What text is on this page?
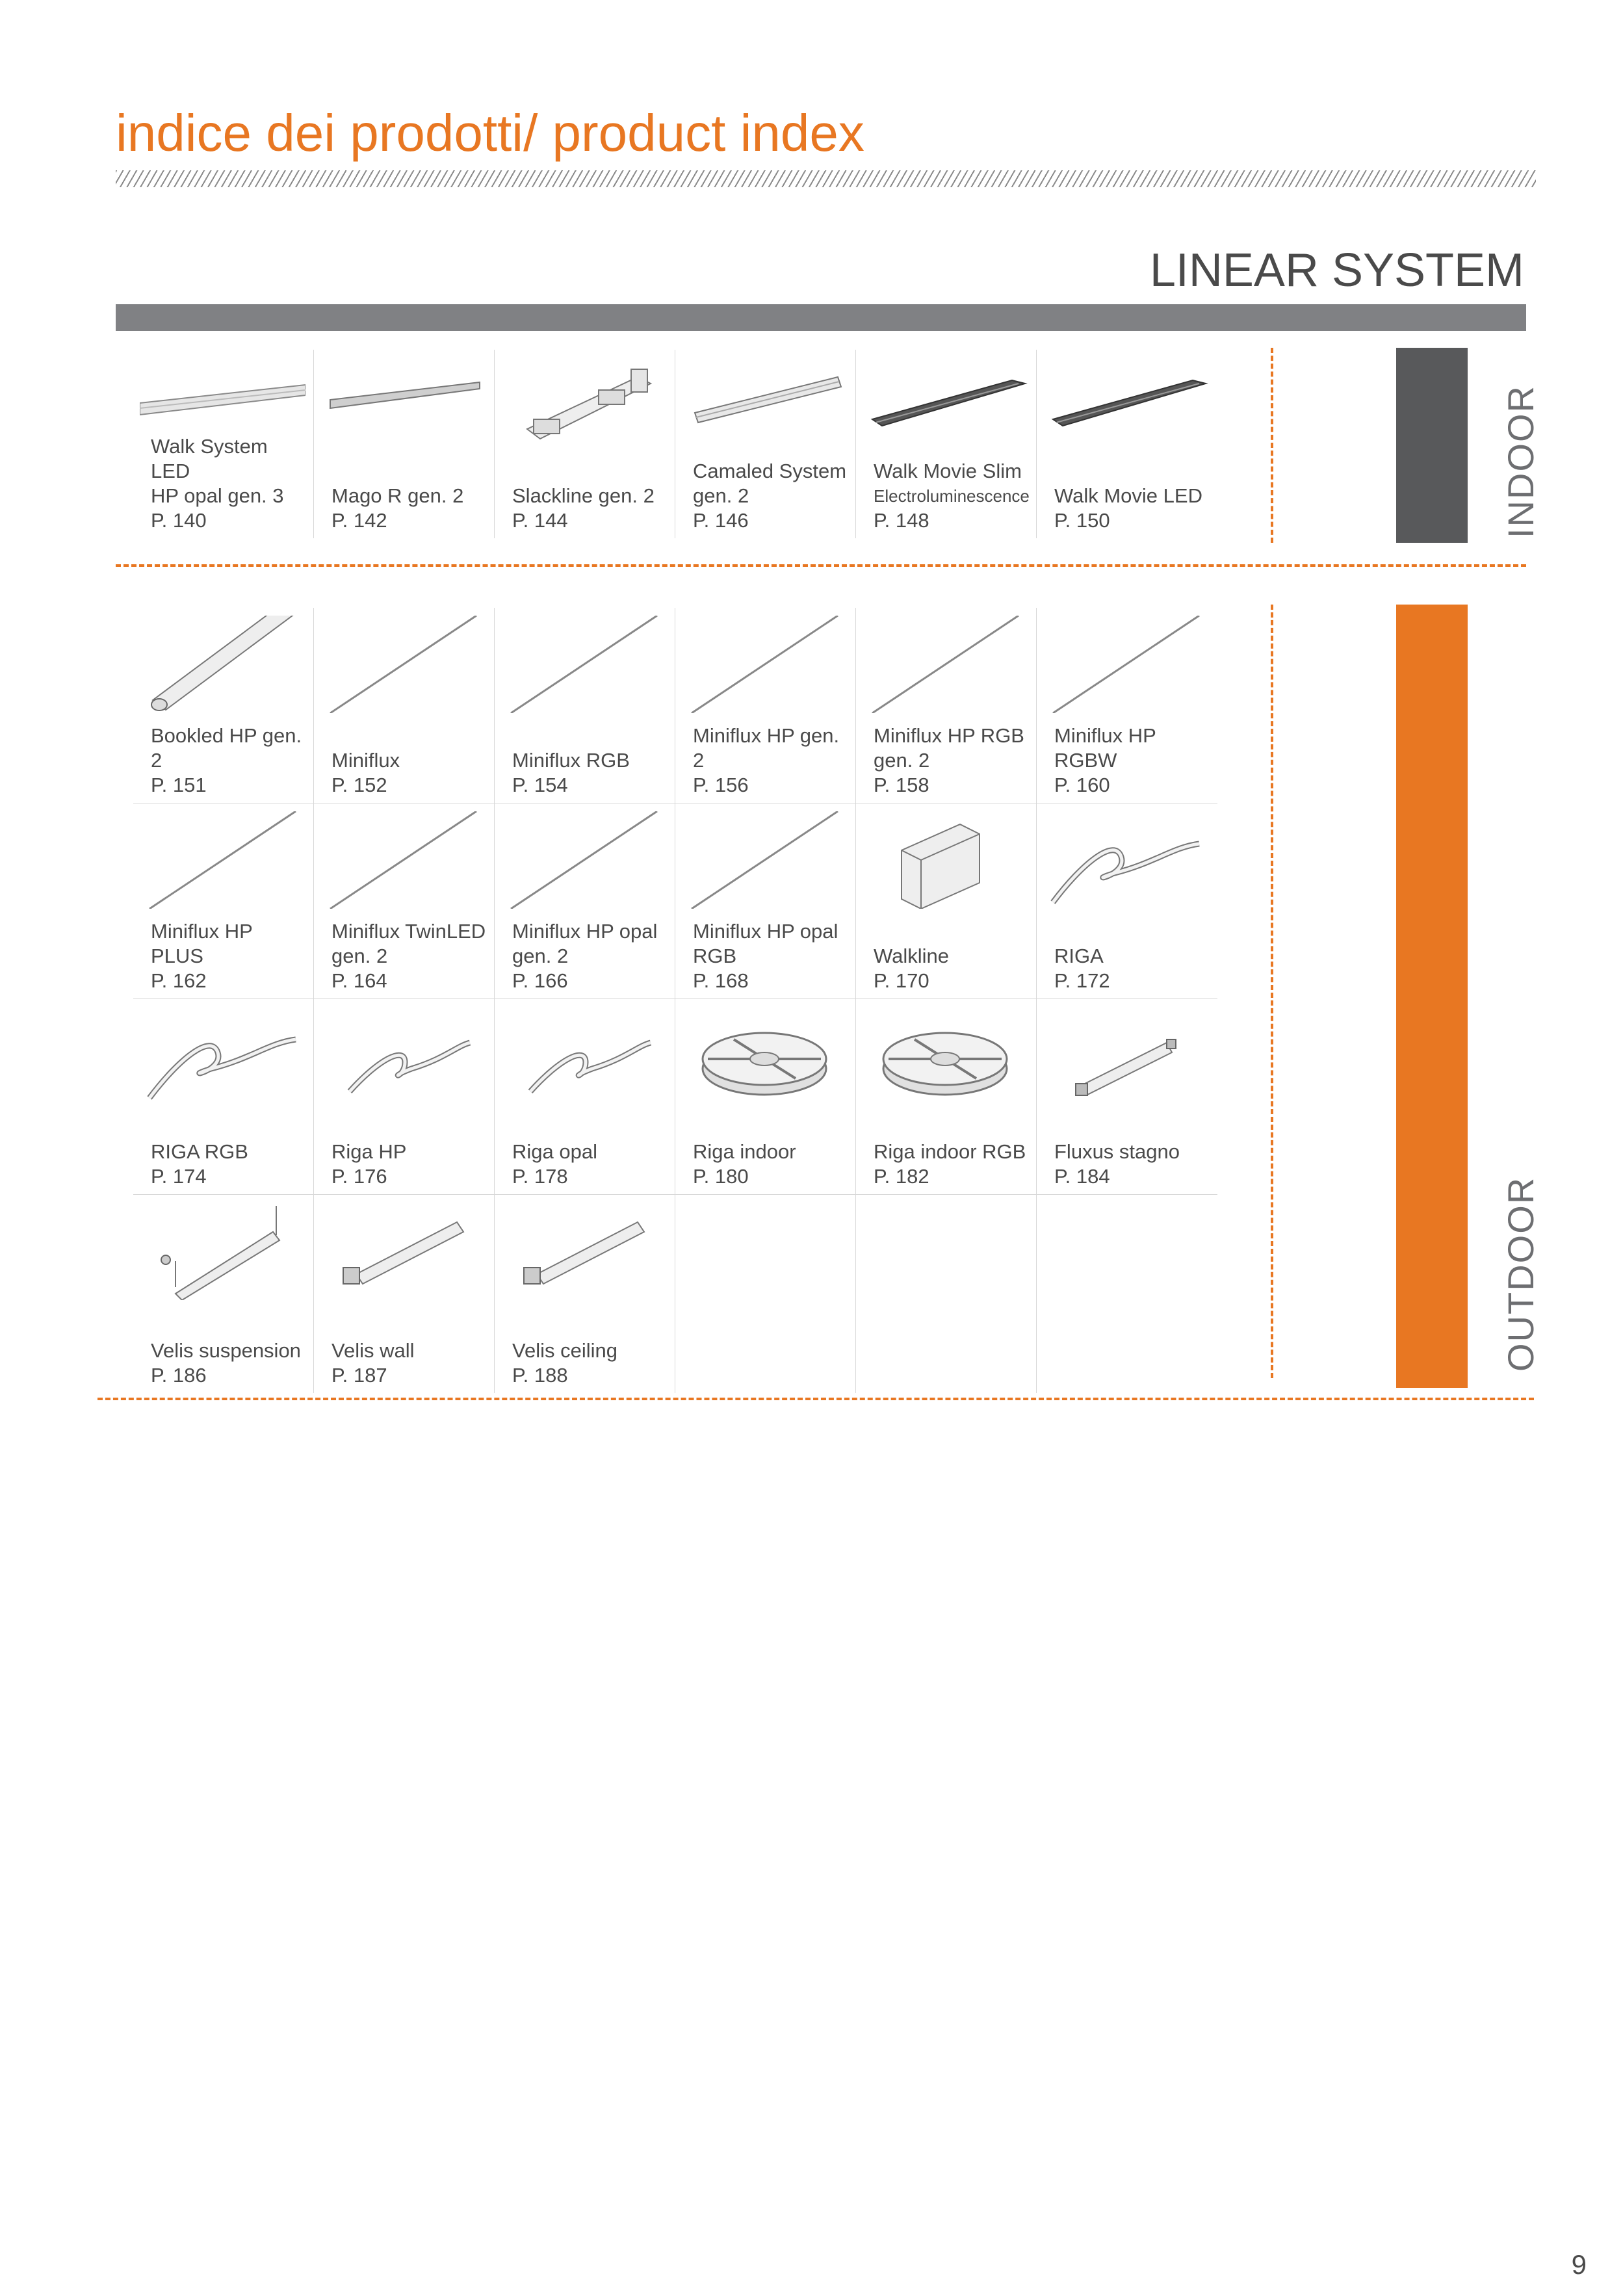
indice dei prodotti/ product index
LINEAR SYSTEM
INDOOR
OUTDOOR
Walk System LED
HP opal gen. 3
P. 140
Mago R gen. 2
P. 142
Slackline gen. 2
P. 144
Camaled System
gen. 2
P. 146
Walk Movie Slim
Electroluminescence
P. 148
Walk Movie LED
P. 150
Bookled HP gen. 2
P. 151
Miniflux
P. 152
Miniflux RGB
P. 154
Miniflux HP gen. 2
P. 156
Miniflux HP RGB
gen. 2
P. 158
Miniflux HP
RGBW
P. 160
Miniflux HP PLUS
P. 162
Miniflux TwinLED
gen. 2
P. 164
Miniflux HP opal
gen. 2
P. 166
Miniflux HP opal
RGB
P. 168
Walkline
P. 170
RIGA
P. 172
RIGA RGB
P. 174
Riga HP
P. 176
Riga opal
P. 178
Riga indoor
P. 180
Riga indoor RGB
P. 182
Fluxus stagno
P. 184
Velis suspension
P. 186
Velis wall
P. 187
Velis ceiling
P. 188
9
